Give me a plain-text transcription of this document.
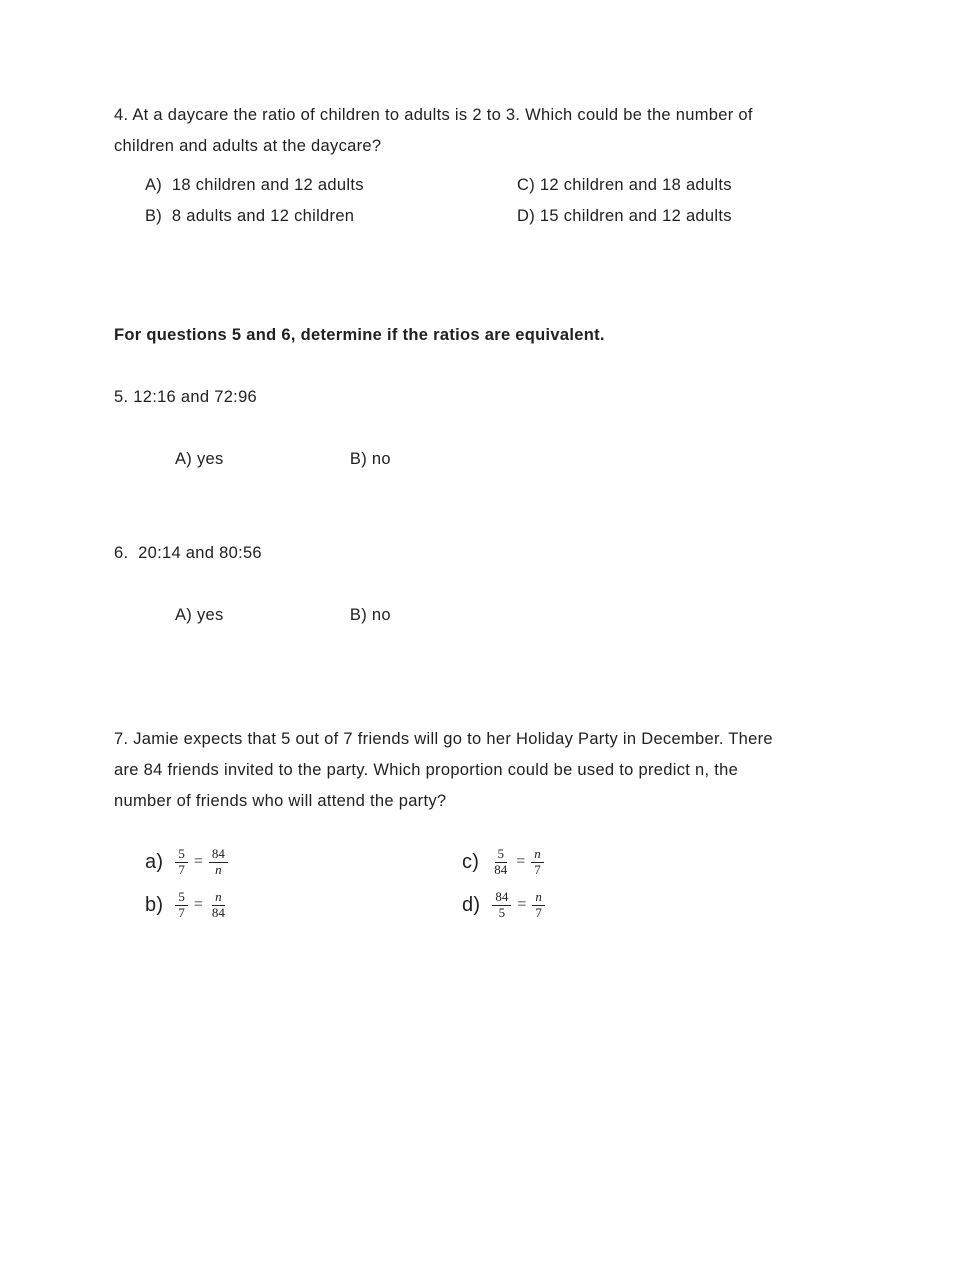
4. At a daycare the ratio of children to adults is 2 to 3. Which could be the number of

children and adults at the daycare?

A)  18 children and 12 adults	C) 12 children and 18 adults
B)  8 adults and 12 children	D) 15 children and 12 adults

For questions 5 and 6, determine if the ratios are equivalent.

5. 12:16 and 72:96

A) yes	B) no

6.  20:14 and 80:56

A) yes	B) no

7. Jamie expects that 5 out of 7 friends will go to her Holiday Party in December. There

are 84 friends invited to the party. Which proportion could be used to predict n, the

number of friends who will attend the party?

$a) \frac{5}{7} = \frac{84}{n}$	$c) \frac{5}{84} = \frac{n}{7}$
$b) \frac{5}{7} = \frac{n}{84}$	$d) \frac{84}{5} = \frac{n}{7}$
